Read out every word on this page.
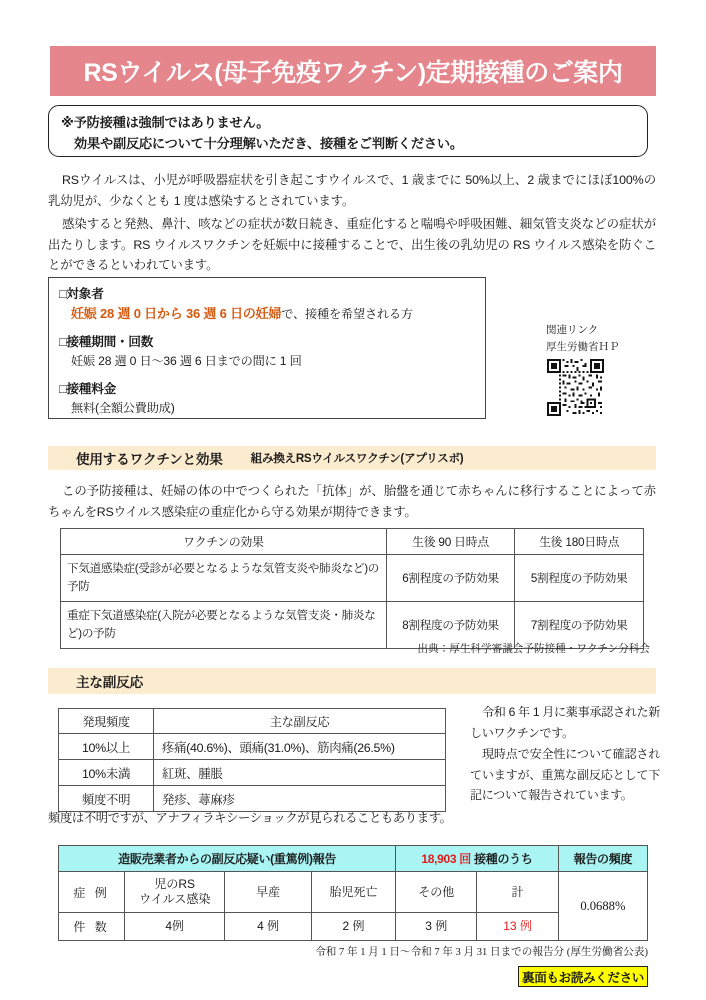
RSウイルス(母子免疫ワクチン)定期接種のご案内
※予防接種は強制ではありません。
効果や副反応について十分理解いただき、接種をご判断ください。

RSウイルスは、小児が呼吸器症状を引き起こすウイルスで、1 歳までに 50%以上、2 歳までにほぼ100%の乳幼児が、少なくとも 1 度は感染するとされています。

感染すると発熱、鼻汁、咳などの症状が数日続き、重症化すると喘鳴や呼吸困難、細気管支炎などの症状が出たりします。RS ウイルスワクチンを妊娠中に接種することで、出生後の乳幼児の RS ウイルス感染を防ぐことができるといわれています。

□対象者
妊娠 28 週 0 日から 36 週 6 日の妊婦で、接種を希望される方
□接種期間・回数
妊娠 28 週 0 日～36 週 6 日までの間に 1 回
□接種料金
無料(全額公費助成)
関連リンク
厚生労働省ＨＰ
使用するワクチンと効果	組み換えRSウイルスワクチン(アプリスボ)

この予防接種は、妊婦の体の中でつくられた「抗体」が、胎盤を通じて赤ちゃんに移行することによって赤ちゃんをRSウイルス感染症の重症化から守る効果が期待できます。

ワクチンの効果	生後 90 日時点	生後 180日時点
下気道感染症(受診が必要となるような気管支炎や肺炎など)の予防	6割程度の予防効果	5割程度の予防効果
重症下気道感染症(入院が必要となるような気管支炎・肺炎など)の予防	8割程度の予防効果	7割程度の予防効果
出典：厚生科学審議会予防接種・ワクチン分科会
主な副反応
発現頻度	主な副反応
10%以上	疼痛(40.6%)、頭痛(31.0%)、筋肉痛(26.5%)
10%未満	紅斑、腫脹
頻度不明	発疹、蕁麻疹
頻度は不明ですが、アナフィラキシーショックが見られることもあります。

令和 6 年 1 月に薬事承認された新しいワクチンです。

現時点で安全性について確認されていますが、重篤な副反応として下記について報告されています。

造販売業者からの副反応疑い(重篤例)報告				18,903 回 接種のうち		報告の頻度
症 例	児のRS
ウイルス感染	早産	胎児死亡	その他	計	0.0688%
件 数	4例	4 例	2 例	3 例	13 例	
令和 7 年 1 月 1 日～令和 7 年 3 月 31 日までの報告分 (厚生労働省公表)
裏面もお読みください
